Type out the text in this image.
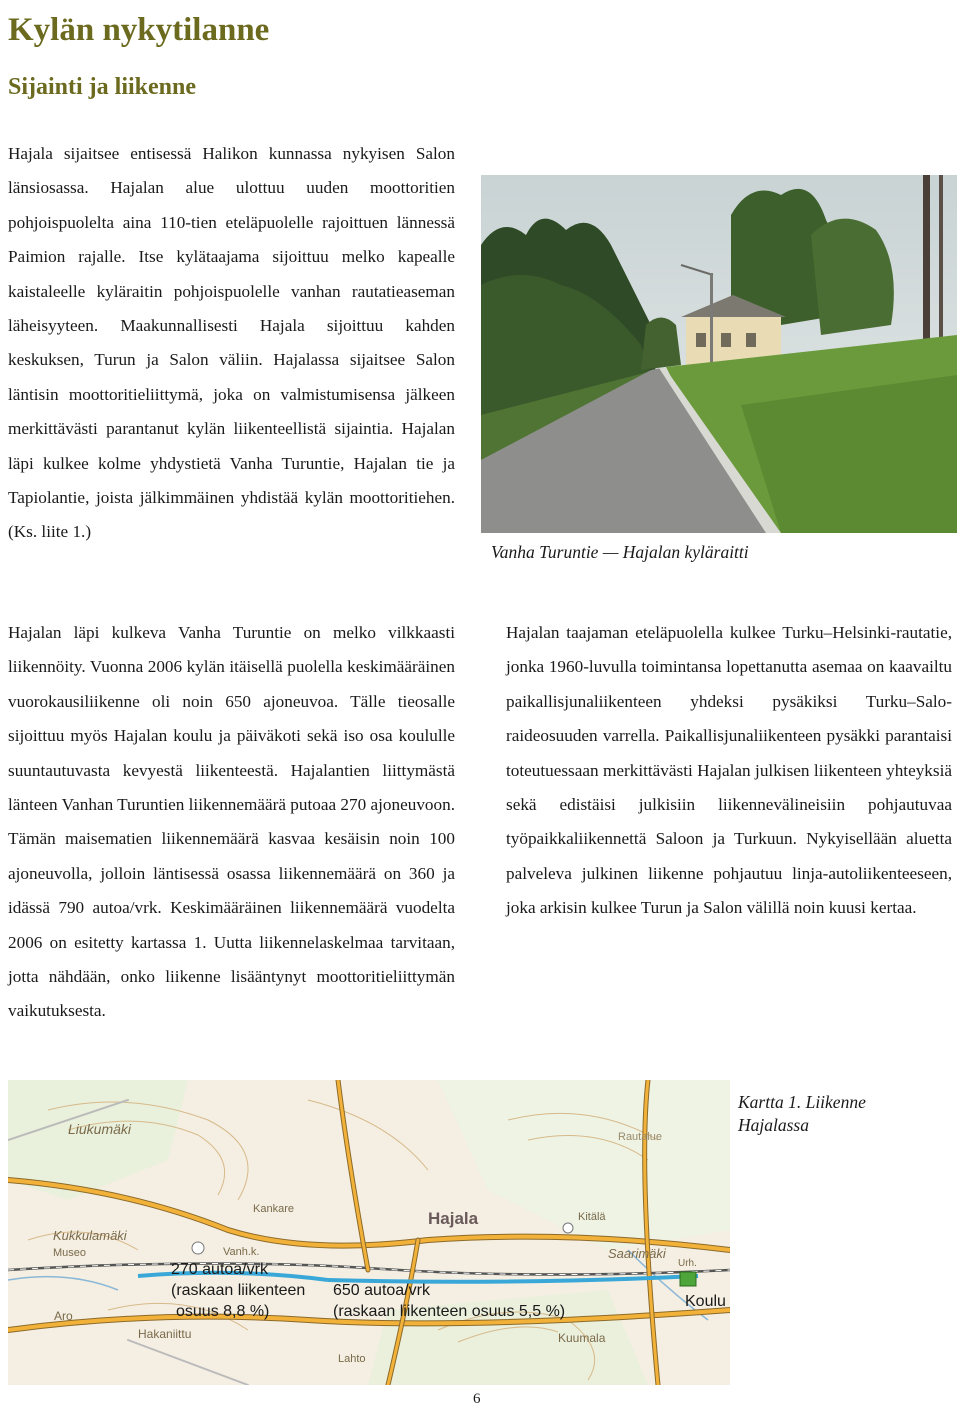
Kylän nykytilanne
Sijainti ja liikenne

Hajala sijaitsee entisessä Halikon kunnassa nykyisen Salon länsiosassa. Hajalan alue ulottuu uuden moottoritien pohjoispuolelta aina 110-tien eteläpuolelle rajoittuen lännessä Paimion rajalle. Itse kylätaajama sijoittuu melko kapealle kaistaleelle kyläraitin pohjoispuolelle vanhan rautatieaseman läheisyyteen. Maakunnallisesti Hajala sijoittuu kahden keskuksen, Turun ja Salon väliin. Hajalassa sijaitsee Salon läntisin moottoritieliittymä, joka on valmistumisensa jälkeen merkittävästi parantanut kylän liikenteellistä sijaintia. Hajalan läpi kulkee kolme yhdystietä Vanha Turuntie, Hajalan tie ja Tapiolantie, joista jälkimmäinen yhdistää kylän moottoritiehen. (Ks. liite 1.)

Vanha Turuntie — Hajalan kyläraitti

Hajalan läpi kulkeva Vanha Turuntie on melko vilkkaasti liikennöity. Vuonna 2006 kylän itäisellä puolella keskimääräinen vuorokausiliikenne oli noin 650 ajoneuvoa. Tälle tieosalle sijoittuu myös Hajalan koulu ja päiväkoti sekä iso osa koululle suuntautuvasta kevyestä liikenteestä. Hajalantien liittymästä länteen Vanhan Turuntien liikennemäärä putoaa 270 ajoneuvoon. Tämän maisematien liikennemäärä kasvaa kesäisin noin 100 ajoneuvolla, jolloin läntisessä osassa liikennemäärä on 360 ja idässä 790 autoa/vrk. Keskimääräinen liikennemäärä vuodelta 2006 on esitetty kartassa 1. Uutta liikennelaskelmaa tarvitaan, jotta nähdään, onko liikenne lisääntynyt moottoritieliittymän vaikutuksesta.

Hajalan taajaman eteläpuolella kulkee Turku–Helsinki-rautatie, jonka 1960-luvulla toimintansa lopettanutta asemaa on kaavailtu paikallisjunaliikenteen yhdeksi pysäkiksi Turku–Salo-raideosuuden varrella. Paikallisjunaliikenteen pysäkki parantaisi toteutuessaan merkittävästi Hajalan julkisen liikenteen yhteyksiä sekä edistäisi julkisiin liikennevälineisiin pohjautuvaa työpaikkaliikennettä Saloon ja Turkuun. Nykyisellään aluetta palveleva julkinen liikenne pohjautuu linja-autoliikenteeseen, joka arkisin kulkee Turun ja Salon välillä noin kuusi kertaa.

Liukumäki
Kukkulamäki
Museo	Vanh.k.
Kankare	Hajala	Kitälä
Rautalue
Saarimäki
Aro
Hakaniittu	Kuumala
Urh.
Lahto
Koulu
270 autoa/vrk
(raskaan liikenteen
osuus 8,8 %)
650 autoa/vrk
(raskaan liikenteen osuus 5,5 %)
Kartta 1. Liikenne Hajalassa
6
